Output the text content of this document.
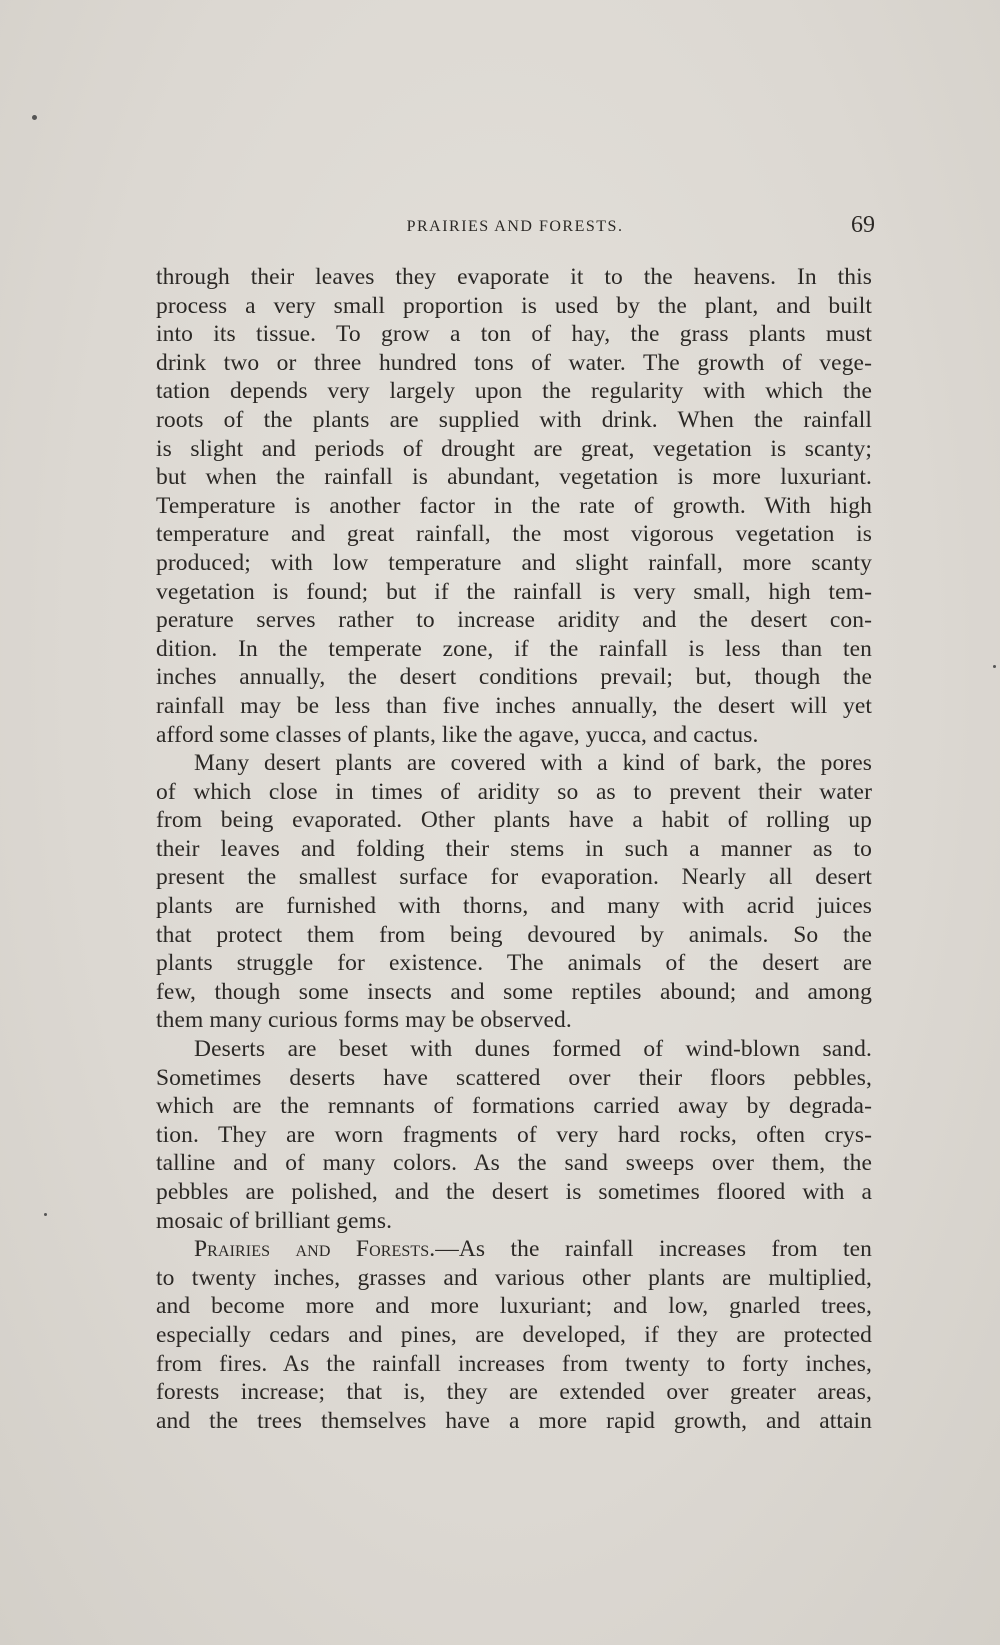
PRAIRIES AND FORESTS.	69
through their leaves they evaporate it to the heavens. In this
process a very small proportion is used by the plant, and built
into its tissue. To grow a ton of hay, the grass plants must
drink two or three hundred tons of water. The growth of vege-
tation depends very largely upon the regularity with which the
roots of the plants are supplied with drink. When the rainfall
is slight and periods of drought are great, vegetation is scanty;
but when the rainfall is abundant, vegetation is more luxuriant.
Temperature is another factor in the rate of growth. With high
temperature and great rainfall, the most vigorous vegetation is
produced; with low temperature and slight rainfall, more scanty
vegetation is found; but if the rainfall is very small, high tem-
perature serves rather to increase aridity and the desert con-
dition. In the temperate zone, if the rainfall is less than ten
inches annually, the desert conditions prevail; but, though the
rainfall may be less than five inches annually, the desert will yet
afford some classes of plants, like the agave, yucca, and cactus.
Many desert plants are covered with a kind of bark, the pores
of which close in times of aridity so as to prevent their water
from being evaporated. Other plants have a habit of rolling up
their leaves and folding their stems in such a manner as to
present the smallest surface for evaporation. Nearly all desert
plants are furnished with thorns, and many with acrid juices
that protect them from being devoured by animals. So the
plants struggle for existence. The animals of the desert are
few, though some insects and some reptiles abound; and among
them many curious forms may be observed.
Deserts are beset with dunes formed of wind-blown sand.
Sometimes deserts have scattered over their floors pebbles,
which are the remnants of formations carried away by degrada-
tion. They are worn fragments of very hard rocks, often crys-
talline and of many colors. As the sand sweeps over them, the
pebbles are polished, and the desert is sometimes floored with a
mosaic of brilliant gems.
Prairies and Forests.—As the rainfall increases from ten
to twenty inches, grasses and various other plants are multiplied,
and become more and more luxuriant; and low, gnarled trees,
especially cedars and pines, are developed, if they are protected
from fires. As the rainfall increases from twenty to forty inches,
forests increase; that is, they are extended over greater areas,
and the trees themselves have a more rapid growth, and attain
